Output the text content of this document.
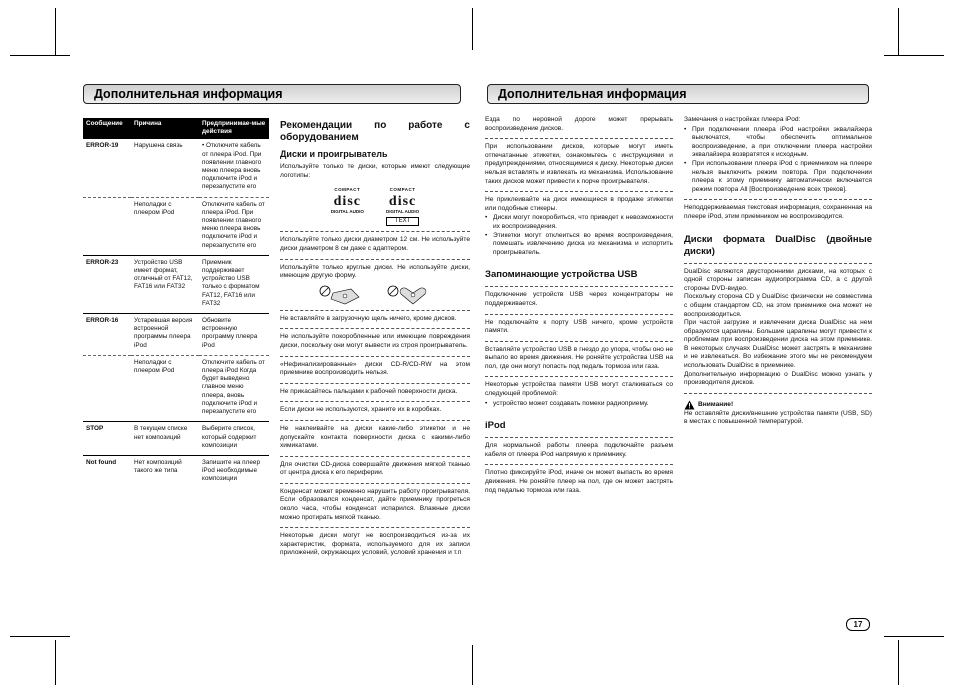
Дополнительная информация	Дополнительная информация
Сообщение	Причина	Предпринимае-мые действия
ERROR-19	Нарушена связь	• Отключите кабель от плеера iPod. При появлении главного меню плеера вновь подключите iPod и перезапустите его
	Неполадки с плеером iPod	Отключите кабель от плеера iPod. При появлении главного меню плеера вновь подключите iPod и перезапустите его
ERROR-23	Устройство USB имеет формат, отличный от FAT12, FAT16 или FAT32	Приемник поддерживает устройство USB только с форматом FAT12, FAT16 или FAT32
ERROR-16	Устаревшая версия встроенной программы плеера iPod	Обновите встроенную программу плеера iPod
	Неполадки с плеером iPod	Отключите кабель от плеера iPod Когда будет выведено главное меню плеера, вновь подключите iPod и перезапустите его
STOP	В текущем списке нет композиций	Выберите список, который содержит композиции
Not found	Нет композиций такого же типа	Запишите на плеер iPod необходимые композиции
Рекомендации по работе с оборудованием
Диски и проигрыватель

Используйте только те диски, которые имеют следующие логотипы:

COMPACT
disc
DIGITAL AUDIO
COMPACT
disc
DIGITAL AUDIO
TEXT

Используйте только диски диаметром 12 см. Не используйте диски диаметром 8 см даже с адаптером.

Используйте только круглые диски. Не используйте диски, имеющие другую форму.

Не вставляйте в загрузочную щель ничего, кроме дисков.

Не используйте покоробленные или имеющие повреждения диски, поскольку они могут вывести из строя проигрыватель.

«Нефинализированные» диски CD-R/CD-RW на этом приемнике воспроизводить нельзя.

Не прикасайтесь пальцами к рабочей поверхности диска.

Если диски не используются, храните их в коробках.

Не наклеивайте на диски какие-либо этикетки и не допускайте контакта поверхности диска с какими-либо химикатами.

Для очистки CD-диска совершайте движения мягкой тканью от центра диска к его периферии.

Конденсат может временно нарушить работу проигрывателя. Если образовался конденсат, дайте приемнику прогреться около часа, чтобы конденсат испарился. Влажные диски можно протирать мягкой тканью.

Некоторые диски могут не воспроизводиться из-за их характеристик, формата, используемого для их записи приложений, окружающих условий, условий хранения и т.п

Езда по неровной дороге может прерывать воспроизведение дисков.

При использовании дисков, которые могут иметь отпечатанные этикетки, ознакомьтесь с инструкциями и предупреждениями, относящимися к диску. Некоторые диски нельзя вставлять и извлекать из механизма. Использование таких дисков может привести к порче проигрывателя.

Не приклеивайте на диск имеющиеся в продаже этикетки или подобные стикеры.

• Диски могут покоробиться, что приведет к невозможности их воспроизведения.
• Этикетки могут отклеиться во время воспроизведения, помешать извлечению диска из механизма и испортить проигрыватель.
Запоминающие устройства USB

Подключение устройств USB через концентраторы не поддерживается.

Не подключайте к порту USB ничего, кроме устройств памяти.

Вставляйте устройство USB в гнездо до упора, чтобы оно не выпало во время движения. Не роняйте устройства USB на пол, где они могут попасть под педаль тормоза или газа.

Некоторые устройства памяти USB могут сталкиваться со следующей проблемой:

• устройство может создавать помехи радиоприему.
iPod

Для нормальной работы плеера подключайте разъем кабеля от плеера iPod напрямую к приемнику.

Плотно фиксируйте iPod, иначе он может выпасть во время движения. Не роняйте плеер на пол, где он может застрять под педалью тормоза или газа.

Замечания о настройках плеера iPod:

• При подключении плеера iPod настройки эквалайзера выключатся, чтобы обеспечить оптимальное воспроизведение, а при отключении плеера настройки эквалайзера возвратятся к исходным.
• При использовании плеера iPod с приемником на плеере нельзя выключить режим повтора. При подключении плеера к этому приемнику автоматически включается режим повтора All [Воспроизведение всех треков].

Неподдерживаемая текстовая информация, сохраненная на плеере iPod, этим приемником не воспроизводится.

Диски формата DualDisc (двойные диски)

DualDisc являются двусторонними дисками, на которых с одной стороны записан аудиопрограмма CD, а с другой стороны DVD-видео.

Поскольку сторона CD у DualDisc физически не совместима с общим стандартом CD, на этом приемнике она может не воспроизводиться.

При частой загрузке и извлечении диска DualDisc на нем образуются царапины. Большие царапины могут привести к проблемам при воспроизведении диска на этом приемнике. В некоторых случаях DualDisc может застрять в механизме и не извлекаться. Во избежание этого мы не рекомендуем использовать DualDisc в приемнике.

Дополнительную информацию о DualDisc можно узнать у производителя дисков.

Внимание!

Не оставляйте диски/внешние устройства памяти (USB, SD) в местах с повышенной температурой.

17
